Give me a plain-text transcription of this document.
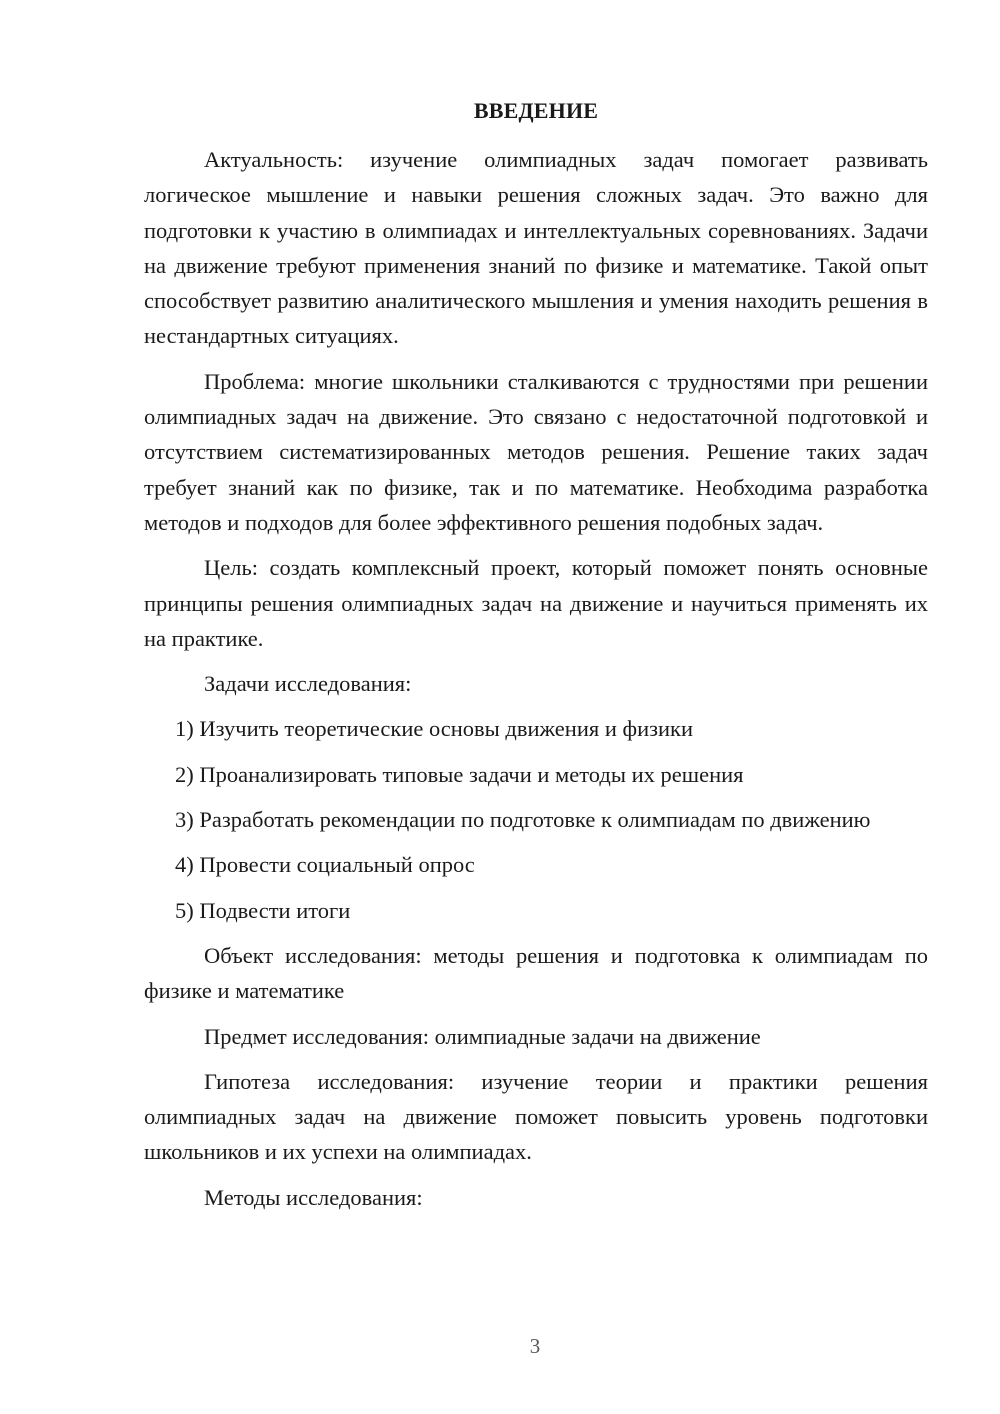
ВВЕДЕНИЕ

Актуальность: изучение олимпиадных задач помогает развивать логическое мышление и навыки решения сложных задач. Это важно для подготовки к участию в олимпиадах и интеллектуальных соревнованиях. Задачи на движение требуют применения знаний по физике и математике. Такой опыт способствует развитию аналитического мышления и умения находить решения в нестандартных ситуациях.

Проблема: многие школьники сталкиваются с трудностями при решении олимпиадных задач на движение. Это связано с недостаточной подготовкой и отсутствием систематизированных методов решения. Решение таких задач требует знаний как по физике, так и по математике. Необходима разработка методов и подходов для более эффективного решения подобных задач.

Цель: создать комплексный проект, который поможет понять основные принципы решения олимпиадных задач на движение и научиться применять их на практике.

Задачи исследования:

1) Изучить теоретические основы движения и физики

2) Проанализировать типовые задачи и методы их решения

3) Разработать рекомендации по подготовке к олимпиадам по движению

4) Провести социальный опрос

5) Подвести итоги

Объект исследования: методы решения и подготовка к олимпиадам по физике и математике

Предмет исследования: олимпиадные задачи на движение

Гипотеза исследования: изучение теории и практики решения олимпиадных задач на движение поможет повысить уровень подготовки школьников и их успехи на олимпиадах.

Методы исследования:

3
